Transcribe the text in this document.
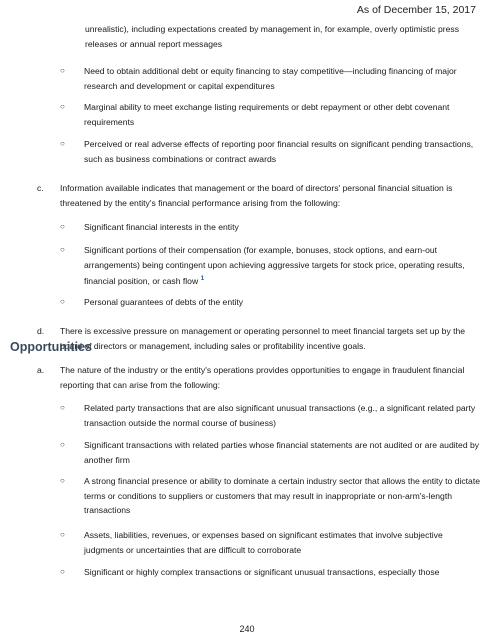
As of December 15, 2017
unrealistic), including expectations created by management in, for example, overly optimistic press releases or annual report messages
○ Need to obtain additional debt or equity financing to stay competitive—including financing of major research and development or capital expenditures
○ Marginal ability to meet exchange listing requirements or debt repayment or other debt covenant requirements
○ Perceived or real adverse effects of reporting poor financial results on significant pending transactions, such as business combinations or contract awards
c. Information available indicates that management or the board of directors' personal financial situation is threatened by the entity's financial performance arising from the following:
○ Significant financial interests in the entity
○ Significant portions of their compensation (for example, bonuses, stock options, and earn-out arrangements) being contingent upon achieving aggressive targets for stock price, operating results, financial position, or cash flow $^1$
○ Personal guarantees of debts of the entity
d. There is excessive pressure on management or operating personnel to meet financial targets set up by the board of directors or management, including sales or profitability incentive goals.
Opportunities
a. The nature of the industry or the entity's operations provides opportunities to engage in fraudulent financial reporting that can arise from the following:
○ Related party transactions that are also significant unusual transactions (e.g., a significant related party transaction outside the normal course of business)
○ Significant transactions with related parties whose financial statements are not audited or are audited by another firm
○ A strong financial presence or ability to dominate a certain industry sector that allows the entity to dictate terms or conditions to suppliers or customers that may result in inappropriate or non-arm's-length transactions
○ Assets, liabilities, revenues, or expenses based on significant estimates that involve subjective judgments or uncertainties that are difficult to corroborate
○ Significant or highly complex transactions or significant unusual transactions, especially those
240
